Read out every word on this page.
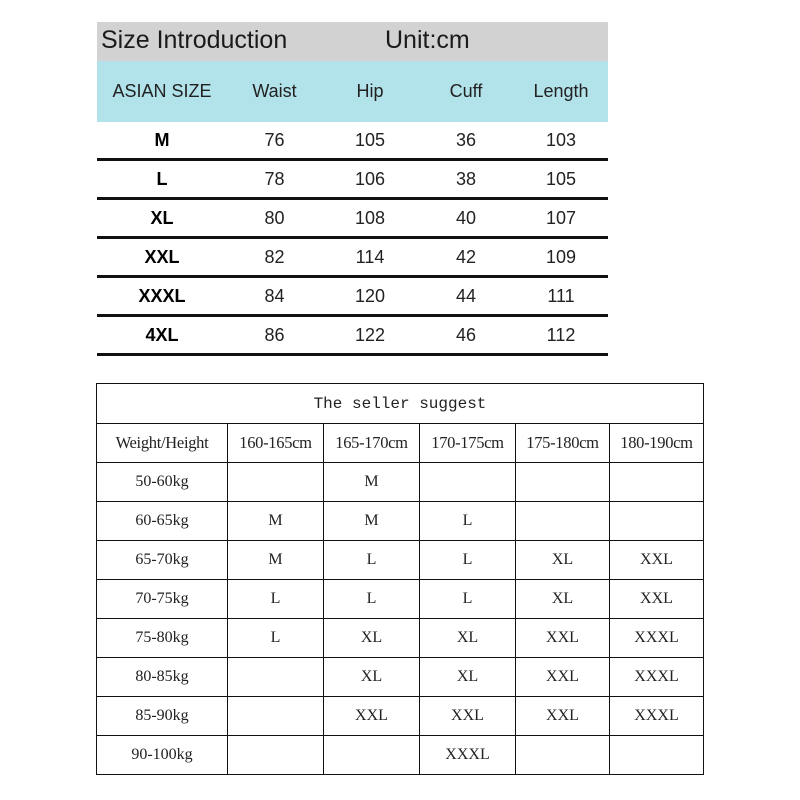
Size Introduction	Unit:cm
ASIAN SIZE	Waist	Hip	Cuff	Length
M	76	105	36	103
L	78	106	38	105
XL	80	108	40	107
XXL	82	114	42	109
XXXL	84	120	44	111
4XL	86	122	46	112
The seller suggest					
Weight/Height	160-165cm	165-170cm	170-175cm	175-180cm	180-190cm
50-60kg		M			
60-65kg	M	M	L		
65-70kg	M	L	L	XL	XXL
70-75kg	L	L	L	XL	XXL
75-80kg	L	XL	XL	XXL	XXXL
80-85kg		XL	XL	XXL	XXXL
85-90kg		XXL	XXL	XXL	XXXL
90-100kg			XXXL		
